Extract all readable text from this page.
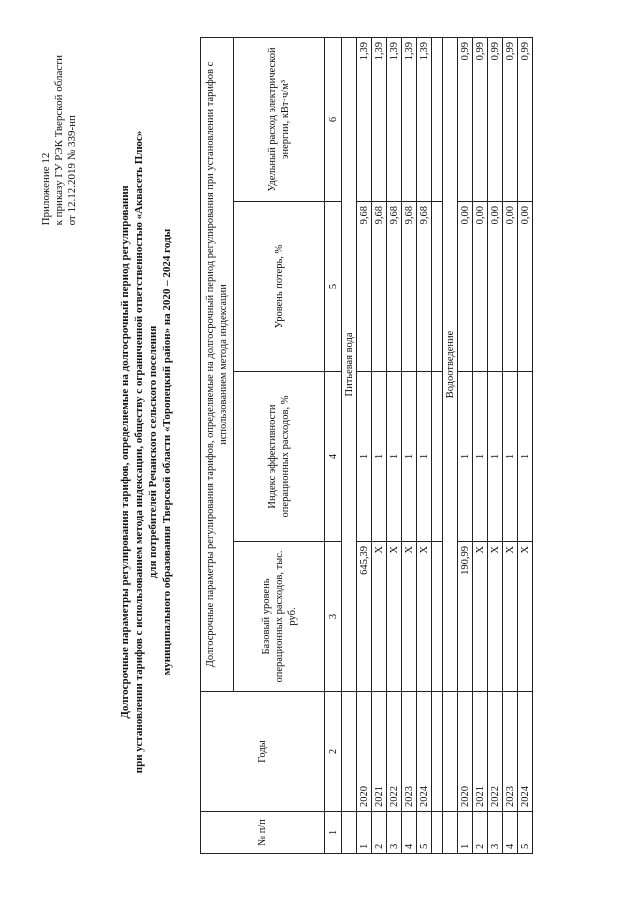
Приложение 12 к приказу ГУ РЭК Тверской области от 12.12.2019 № 339-нп
Долгосрочные параметры регулирования тарифов, определяемые на долгосрочный период регулирования при установлении тарифов с использованием метода индексации, обществу с ограниченной ответственностью «Аквасеть Плюс» для потребителей Речанского сельского поселения муниципального образования Тверской области «Торопецкий район» на 2020 – 2024 годы
№ п/п	Годы	Долгосрочные параметры регулирования тарифов, определяемые на долгосрочный период регулирования при установлении тарифов с использованием метода индексации			
		Базовый уровень операционных расходов, тыс. руб.	Индекс эффективности операционных расходов, %	Уровень потерь, %	Удельный расход электрической энергии, кВт·ч/м³
1	2	3	4	5	6
		Питьевая вода			
1	2020	645,39	1	9,68	1,39
2	2021	X	1	9,68	1,39
3	2022	X	1	9,68	1,39
4	2023	X	1	9,68	1,39
5	2024	X	1	9,68	1,39

		Водоотведение			
1	2020	190,99	1	0,00	0,99
2	2021	X	1	0,00	0,99
3	2022	X	1	0,00	0,99
4	2023	X	1	0,00	0,99
5	2024	X	1	0,00	0,99
